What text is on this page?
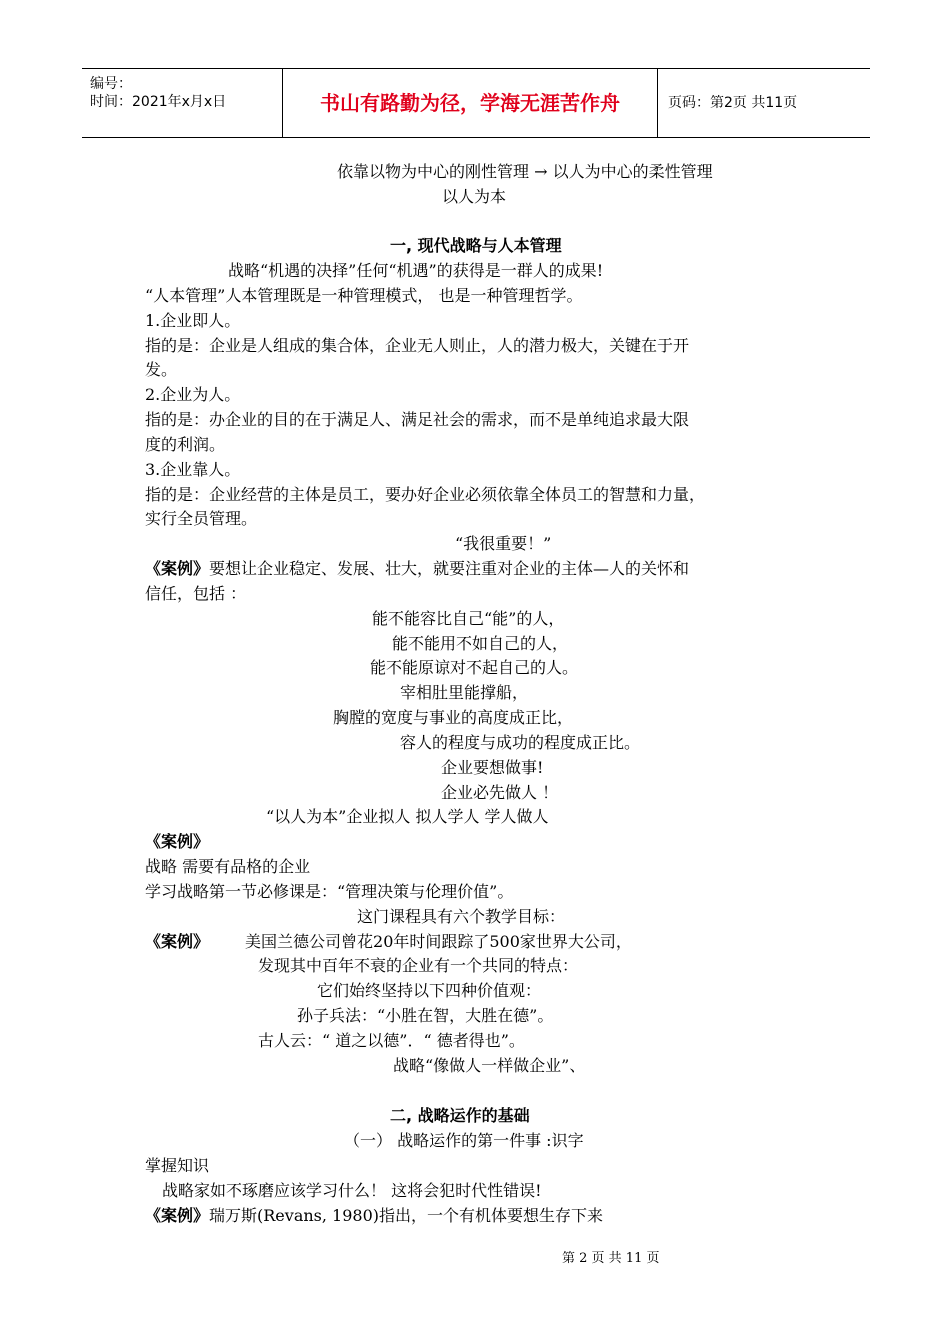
编号：
时间：2021年x月x日	书山有路勤为径，学海无涯苦作舟	页码：第2页 共11页
依靠以物为中心的刚性管理 → 以人为中心的柔性管理
以人为本
一, 现代战略与人本管理
战略“机遇的决择”任何“机遇”的获得是一群人的成果!
“人本管理”人本管理既是一种管理模式， 也是一种管理哲学。
1.企业即人。
指的是：企业是人组成的集合体，企业无人则止，人的潜力极大，关键在于开
发。
2.企业为人。
指的是：办企业的目的在于满足人、满足社会的需求，而不是单纯追求最大限
度的利润。
3.企业靠人。
指的是：企业经营的主体是员工，要办好企业必须依靠全体员工的智慧和力量，
实行全员管理。
“我很重要！”
《案例》要想让企业稳定、发展、壮大，就要注重对企业的主体—人的关怀和
信任，包括 ：
能不能容比自己“能”的人，
能不能用不如自己的人，
能不能原谅对不起自己的人。
宰相肚里能撑船，
胸膛的宽度与事业的高度成正比，
容人的程度与成功的程度成正比。
企业要想做事!
企业必先做人 ！
“以人为本”企业拟人 拟人学人 学人做人
《案例》
战略 需要有品格的企业
学习战略第一节必修课是：“管理决策与伦理价值”。
这门课程具有六个教学目标：
《案例》 美国兰德公司曾花20年时间跟踪了500家世界大公司，
发现其中百年不衰的企业有一个共同的特点：
它们始终坚持以下四种价值观：
孙子兵法：“小胜在智，大胜在德”。
古人云：“ 道之以德”．“ 德者得也”。
战略“像做人一样做企业”、
二, 战略运作的基础
（一） 战略运作的第一件事 :识字
掌握知识
战略家如不琢磨应该学习什么！ 这将会犯时代性错误!
《案例》瑞万斯(Revans, 1980)指出，一个有机体要想生存下来
第 2 页 共 11 页
